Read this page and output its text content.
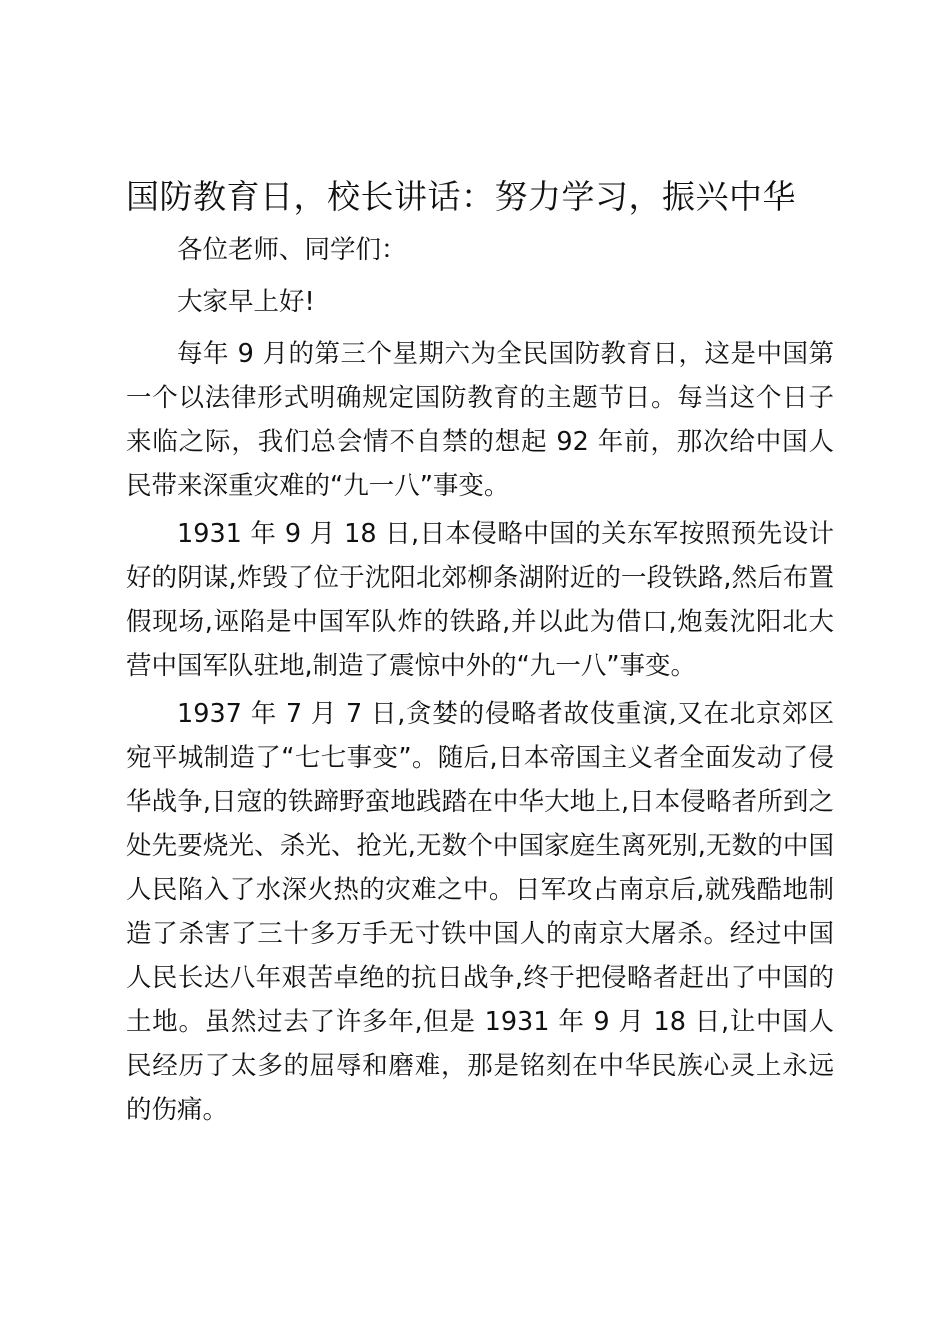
国防教育日，校长讲话：努力学习，振兴中华

各位老师、同学们：

大家早上好!

每年 9 月的第三个星期六为全民国防教育日，这是中国第一个以法律形式明确规定国防教育的主题节日。每当这个日子来临之际，我们总会情不自禁的想起 92 年前，那次给中国人民带来深重灾难的“九一八”事变。

1931 年 9 月 18 日,日本侵略中国的关东军按照预先设计好的阴谋,炸毁了位于沈阳北郊柳条湖附近的一段铁路,然后布置假现场,诬陷是中国军队炸的铁路,并以此为借口,炮轰沈阳北大营中国军队驻地,制造了震惊中外的“九一八”事变。

1937 年 7 月 7 日,贪婪的侵略者故伎重演,又在北京郊区宛平城制造了“七七事变”。随后,日本帝国主义者全面发动了侵华战争,日寇的铁蹄野蛮地践踏在中华大地上,日本侵略者所到之处先要烧光、杀光、抢光,无数个中国家庭生离死别,无数的中国人民陷入了水深火热的灾难之中。日军攻占南京后,就残酷地制造了杀害了三十多万手无寸铁中国人的南京大屠杀。经过中国人民长达八年艰苦卓绝的抗日战争,终于把侵略者赶出了中国的土地。虽然过去了许多年,但是 1931 年 9 月 18 日,让中国人民经历了太多的屈辱和磨难，那是铭刻在中华民族心灵上永远的伤痛。
